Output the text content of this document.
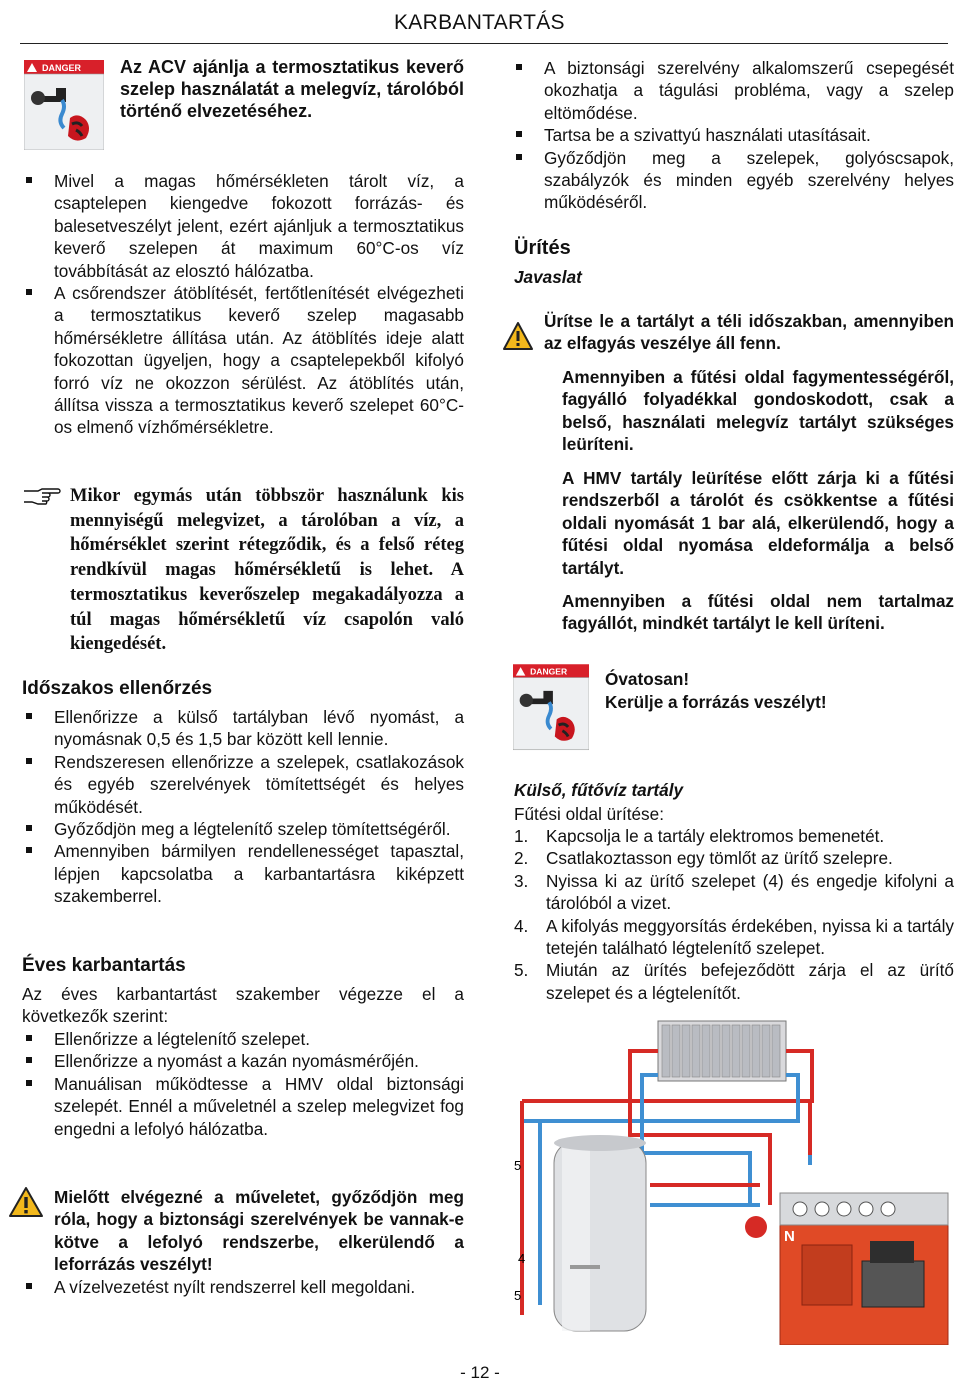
KARBANTARTÁS
DANGER Az ACV ajánlja a termosztatikus keverő szelep használatát a melegvíz, tárolóból történő elvezetéséhez.
Mivel a magas hőmérsékleten tárolt víz, a csaptelepen kiengedve fokozott forrázás- és balesetveszélyt jelent, ezért ajánljuk a termosztatikus keverő szelepen át maximum 60°C-os víz továbbítását az elosztó hálózatba.
A csőrendszer átöblítését, fertőtlenítését elvégezheti a termosztatikus keverő szelep magasabb hőmérsékletre állítása után. Az átöblítés ideje alatt fokozottan ügyeljen, hogy a csaptelepekből kifolyó forró víz ne okozzon sérülést. Az átöblítés után, állítsa vissza a termosztatikus keverő szelepet 60°C-os elmenő vízhőmérsékletre.
Mikor egymás után többször használunk kis mennyiségű melegvizet, a tárolóban a víz, a hőmérséklet szerint rétegződik, és a felső réteg rendkívül magas hőmérsékletű is lehet. A termosztatikus keverőszelep megakadályozza a túl magas hőmérsékletű víz csapolón való kiengedését.
Időszakos ellenőrzés
Ellenőrizze a külső tartályban lévő nyomást, a nyomásnak 0,5 és 1,5 bar között kell lennie.
Rendszeresen ellenőrizze a szelepek, csatlakozások és egyéb szerelvények tömítettségét és helyes működését.
Győződjön meg a légtelenítő szelep tömítettségéről.
Amennyiben bármilyen rendellenességet tapasztal, lépjen kapcsolatba a karbantartásra kiképzett szakemberrel.
Éves karbantartás
Az éves karbantartást szakember végezze el a következők szerint:
Ellenőrizze a légtelenítő szelepet.
Ellenőrizze a nyomást a kazán nyomásmérőjén.
Manuálisan működtesse a HMV oldal biztonsági szelepét. Ennél a műveletnél a szelep melegvizet fog engedni a lefolyó hálózatba.
Mielőtt elvégezné a műveletet, győződjön meg róla, hogy a biztonsági szerelvények be vannak-e kötve a lefolyó rendszerbe, elkerülendő a leforrázás veszélyt!
A vízelvezetést nyílt rendszerrel kell megoldani.
A biztonsági szerelvény alkalomszerű csepegését okozhatja a tágulási probléma, vagy a szelep eltömődése.
Tartsa be a szivattyú használati utasításait.
Győződjön meg a szelepek, golyóscsapok, szabályzók és minden egyéb szerelvény helyes működéséről.
Ürítés
Javaslat
Ürítse le a tartályt a téli időszakban, amennyiben az elfagyás veszélye áll fenn.
Amennyiben a fűtési oldal fagymentességéről, fagyálló folyadékkal gondoskodott, csak a belső, használati melegvíz tartályt szükséges leüríteni.
A HMV tartály leürítése előtt zárja ki a fűtési rendszerből a tárolót és csökkentse a fűtési oldali nyomását 1 bar alá, elkerülendő, hogy a fűtési oldal nyomása eldeformálja a belső tartályt.
Amennyiben a fűtési oldal nem tartalmaz fagyállót, mindkét tartályt le kell üríteni.
DANGER Óvatosan!
Kerülje a forrázás veszélyt!
Külső, fűtővíz tartály
Fűtési oldal ürítése:
1. Kapcsolja le a tartály elektromos bemenetét.
2. Csatlakoztasson egy tömlőt az ürítő szelepre.
3. Nyissa ki az ürítő szelepet (4) és engedje kifolyni a tárolóból a vizet.
4. A kifolyás meggyorsítás érdekében, nyissa ki a tartály tetején található légtelenítő szelepet.
5. Miután az ürítés befejeződött zárja el az ürítő szelepet és a légtelenítőt.
5
5
4
N
- 12 -
